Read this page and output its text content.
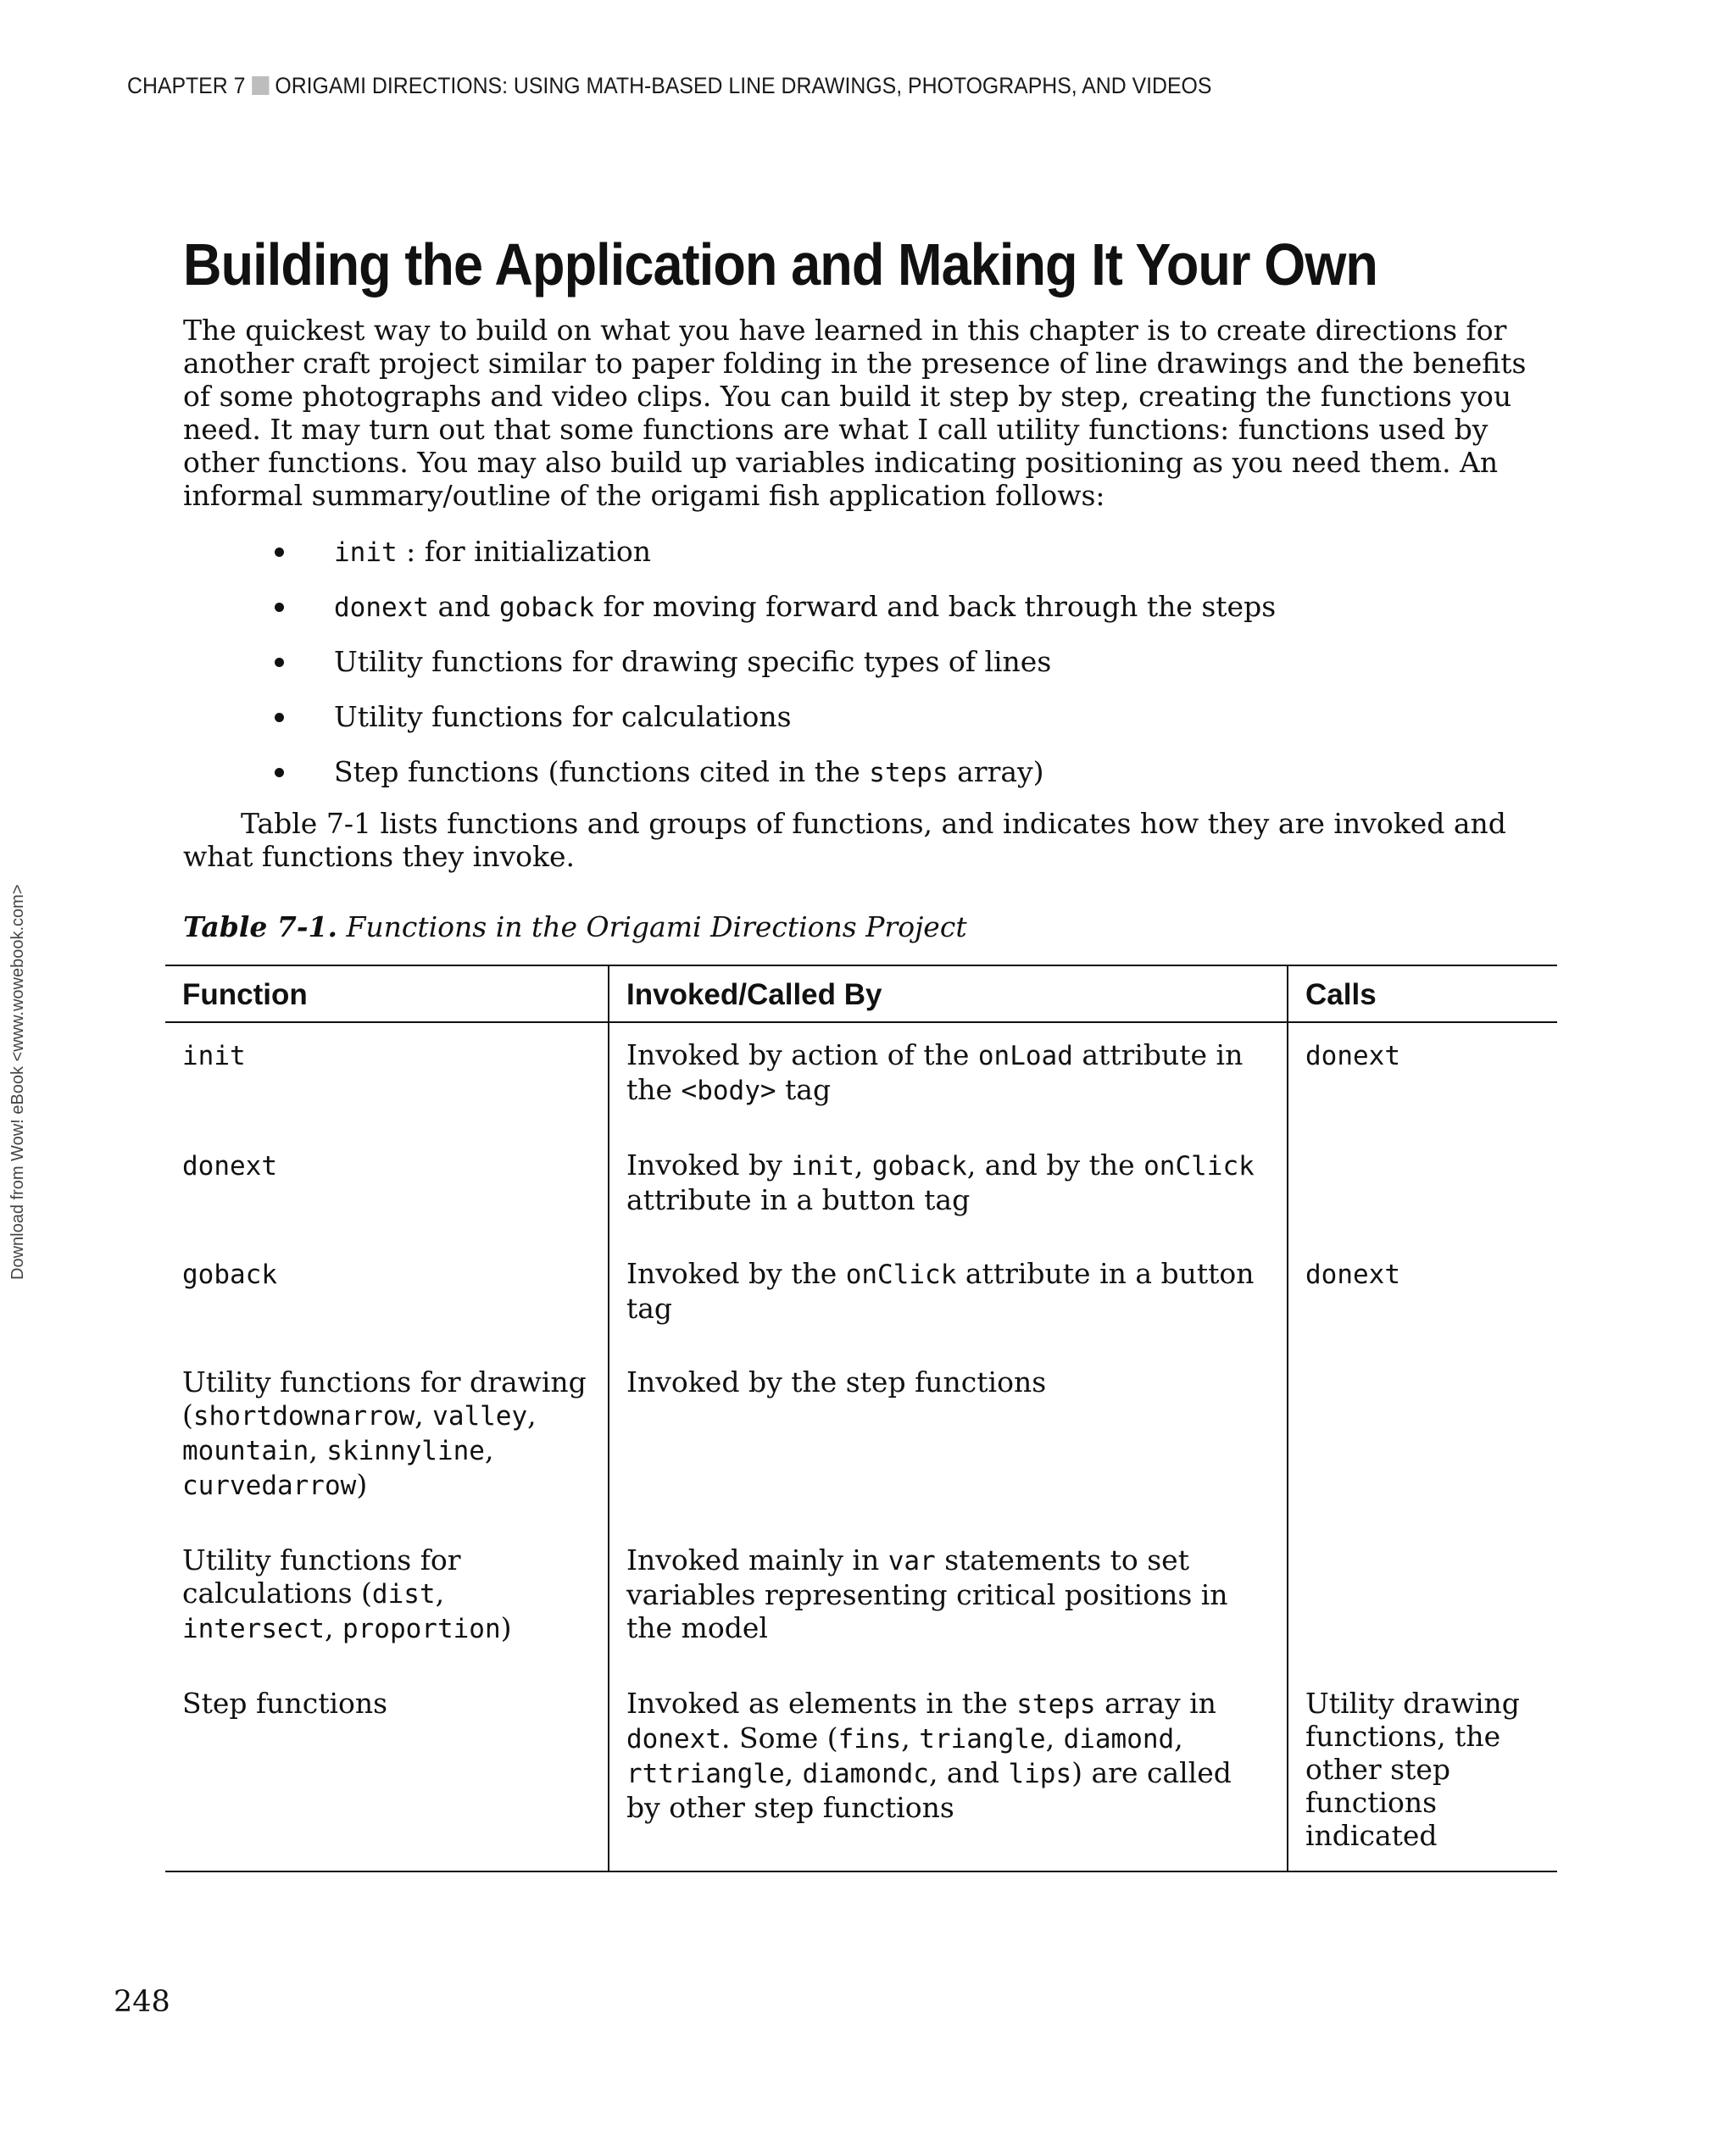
CHAPTER 7 ORIGAMI DIRECTIONS: USING MATH-BASED LINE DRAWINGS, PHOTOGRAPHS, AND VIDEOS
Download from Wow! eBook <www.wowebook.com>
Building the Application and Making It Your Own

The quickest way to build on what you have learned in this chapter is to create directions for another craft project similar to paper folding in the presence of line drawings and the benefits of some photographs and video clips. You can build it step by step, creating the functions you need. It may turn out that some functions are what I call utility functions: functions used by other functions. You may also build up variables indicating positioning as you need them. An informal summary/outline of the origami fish application follows:

init : for initialization
donext and goback for moving forward and back through the steps
Utility functions for drawing specific types of lines
Utility functions for calculations
Step functions (functions cited in the steps array)

Table 7-1 lists functions and groups of functions, and indicates how they are invoked and what functions they invoke.

Table 7-1. Functions in the Origami Directions Project

Function	Invoked/Called By	Calls
init	Invoked by action of the onLoad attribute in the <body> tag	donext
donext	Invoked by init, goback, and by the onClick attribute in a button tag	
goback	Invoked by the onClick attribute in a button tag	donext
Utility functions for drawing (shortdownarrow, valley, mountain, skinnyline, curvedarrow)	Invoked by the step functions	
Utility functions for calculations (dist, intersect, proportion)	Invoked mainly in var statements to set variables representing critical positions in the model	
Step functions	Invoked as elements in the steps array in donext. Some (fins, triangle, diamond, rttriangle, diamondc, and lips) are called by other step functions	Utility drawing functions, the other step functions indicated
248
